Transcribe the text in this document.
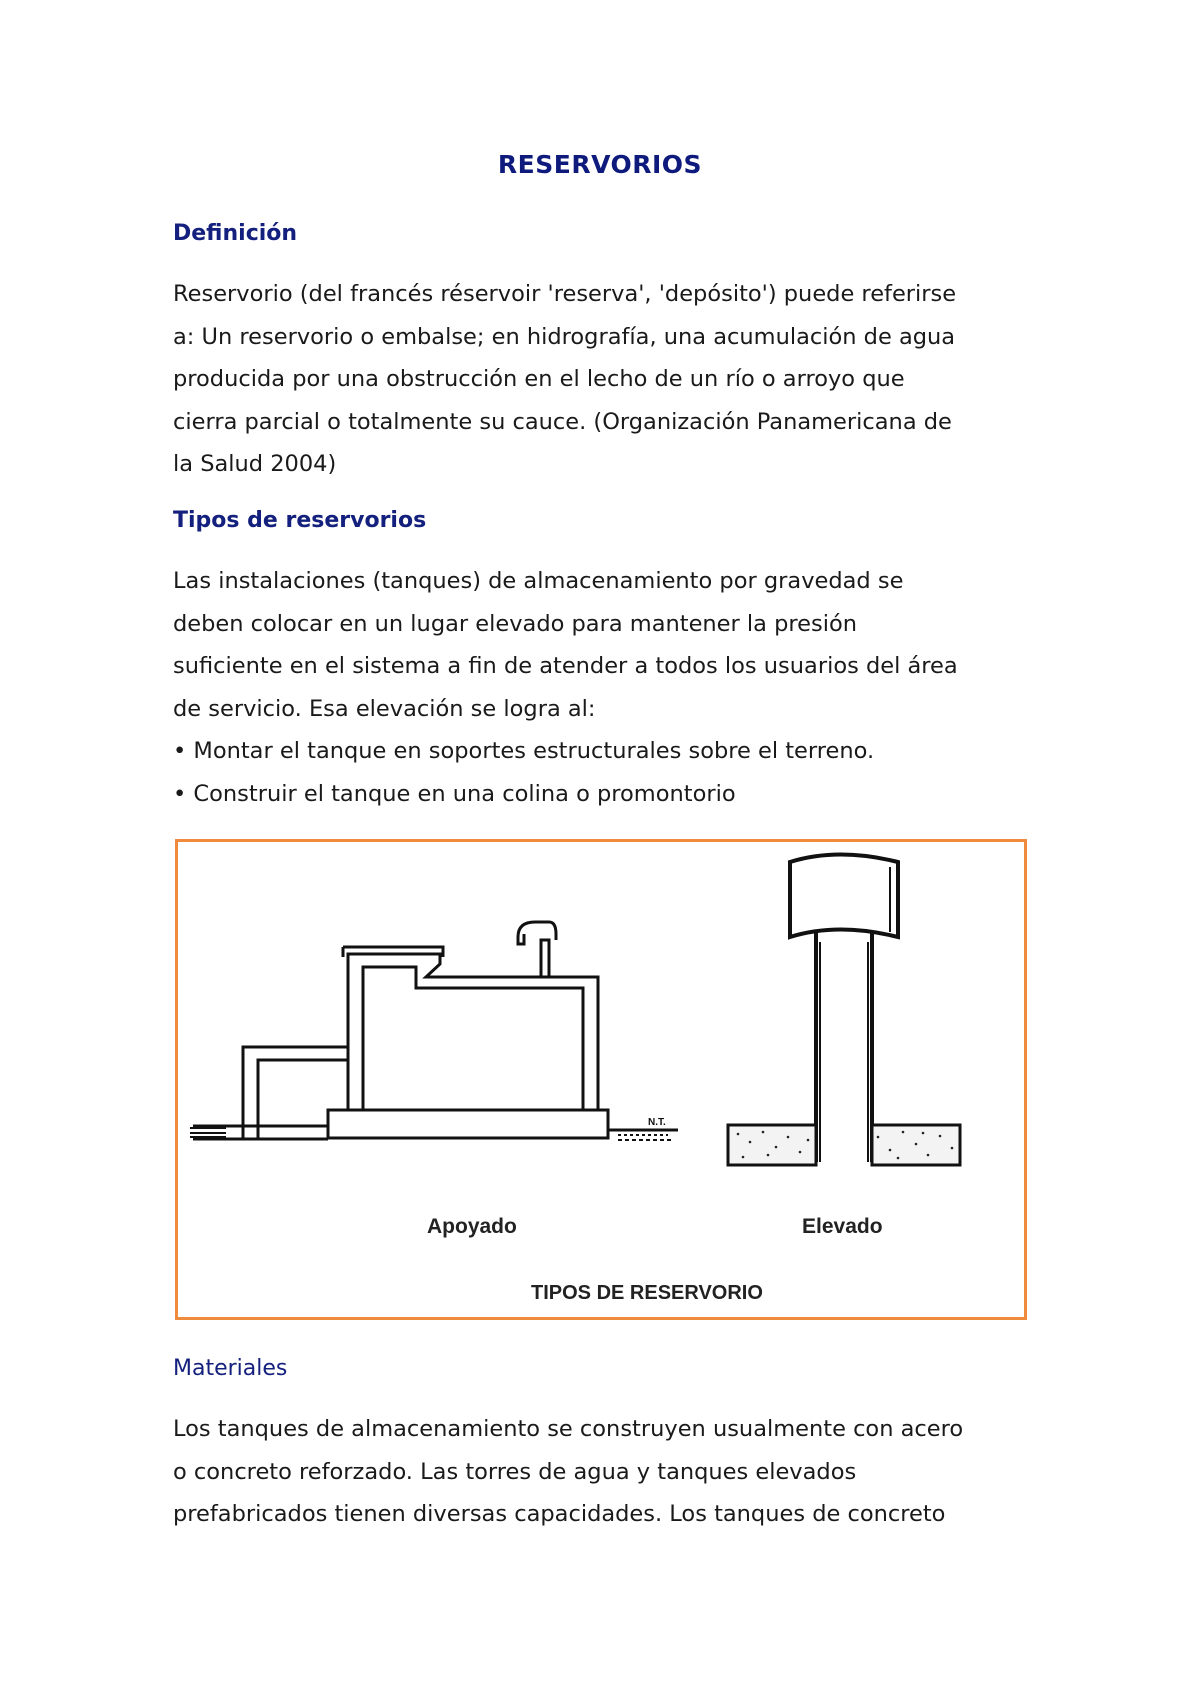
RESERVORIOS
Definición

Reservorio (del francés réservoir 'reserva', 'depósito') puede referirse

a: Un reservorio o embalse; en hidrografía, una acumulación de agua

producida por una obstrucción en el lecho de un río o arroyo que

cierra parcial o totalmente su cauce. (Organización Panamericana de

la Salud 2004)

Tipos de reservorios

Las instalaciones (tanques) de almacenamiento por gravedad se

deben colocar en un lugar elevado para mantener la presión

suficiente en el sistema a fin de atender a todos los usuarios del área

de servicio. Esa elevación se logra al:

• Montar el tanque en soportes estructurales sobre el terreno.

• Construir el tanque en una colina o promontorio

N.T.
Apoyado	Elevado
TIPOS DE RESERVORIO
Materiales

Los tanques de almacenamiento se construyen usualmente con acero

o concreto reforzado. Las torres de agua y tanques elevados

prefabricados tienen diversas capacidades. Los tanques de concreto
